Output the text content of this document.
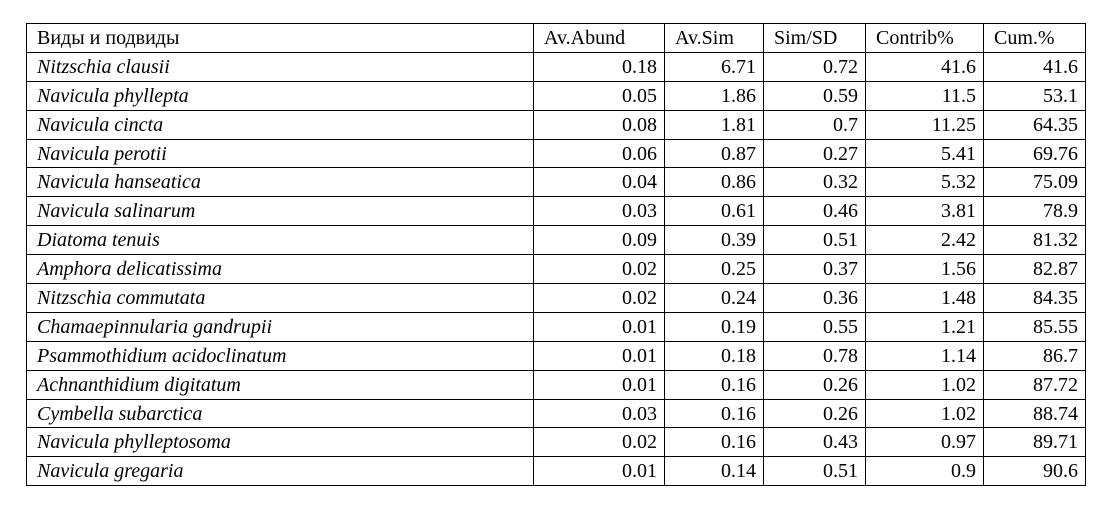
Виды и подвиды	Av.Abund	Av.Sim	Sim/SD	Contrib%	Cum.%
Nitzschia clausii	0.18	6.71	0.72	41.6	41.6
Navicula phyllepta	0.05	1.86	0.59	11.5	53.1
Navicula cincta	0.08	1.81	0.7	11.25	64.35
Navicula perotii	0.06	0.87	0.27	5.41	69.76
Navicula hanseatica	0.04	0.86	0.32	5.32	75.09
Navicula salinarum	0.03	0.61	0.46	3.81	78.9
Diatoma tenuis	0.09	0.39	0.51	2.42	81.32
Amphora delicatissima	0.02	0.25	0.37	1.56	82.87
Nitzschia commutata	0.02	0.24	0.36	1.48	84.35
Chamaepinnularia gandrupii	0.01	0.19	0.55	1.21	85.55
Psammothidium acidoclinatum	0.01	0.18	0.78	1.14	86.7
Achnanthidium digitatum	0.01	0.16	0.26	1.02	87.72
Cymbella subarctica	0.03	0.16	0.26	1.02	88.74
Navicula phylleptosoma	0.02	0.16	0.43	0.97	89.71
Navicula gregaria	0.01	0.14	0.51	0.9	90.6
